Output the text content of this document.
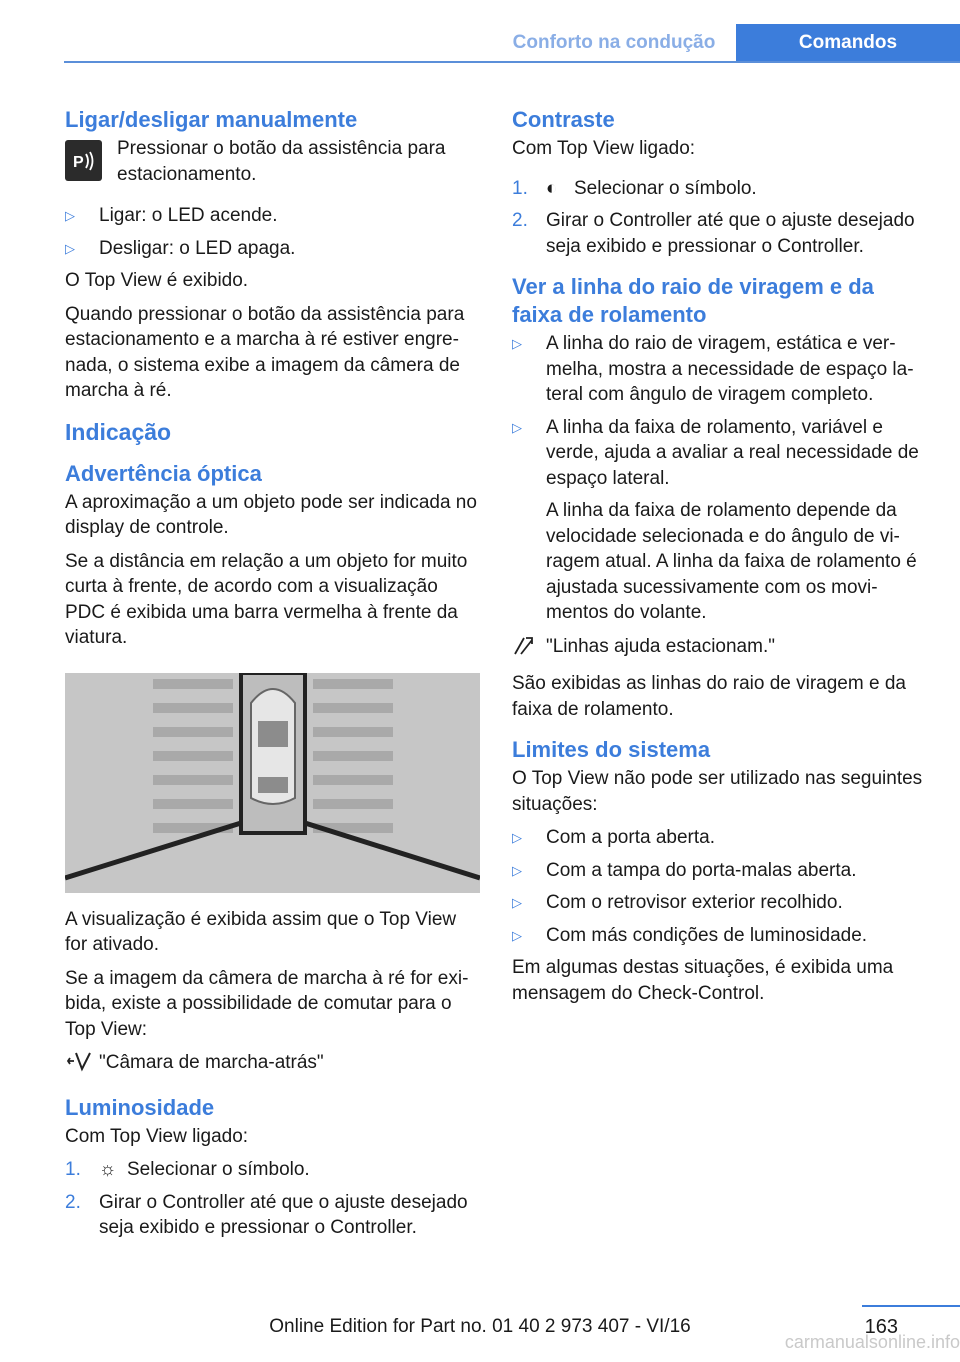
Conforto na condução	Comandos
Ligar/desligar manualmente
P

Pressionar o botão da assistência para estacionamento.

▷	Ligar: o LED acende.
▷	Desligar: o LED apaga.

O Top View é exibido.

Quando pressionar o botão da assistência para estacionamento e a marcha à ré estiver engrenada, o sistema exibe a imagem da câmera de marcha à ré.

Indicação
Advertência óptica

A aproximação a um objeto pode ser indicada no display de controle.

Se a distância em relação a um objeto for muito curta à frente, de acordo com a visualização PDC é exibida uma barra vermelha à frente da viatura.

A visualização é exibida assim que o Top View for ativado.

Se a imagem da câmera de marcha à ré for exibida, existe a possibilidade de comutar para o Top View:

"Câmara de marcha-atrás"
Luminosidade

Com Top View ligado:

1. ☼ Selecionar o símbolo.
2. Girar o Controller até que o ajuste desejado seja exibido e pressionar o Controller.
Contraste

Com Top View ligado:

1. ◐ Selecionar o símbolo.
2. Girar o Controller até que o ajuste desejado seja exibido e pressionar o Controller.
Ver a linha do raio de viragem e da faixa de rolamento
▷	A linha do raio de viragem, estática e vermelha, mostra a necessidade de espaço lateral com ângulo de viragem completo.
▷	A linha da faixa de rolamento, variável e verde, ajuda a avaliar a real necessidade de espaço lateral.

A linha da faixa de rolamento depende da velocidade selecionada e do ângulo de viragem atual. A linha da faixa de rolamento é ajustada sucessivamente com os movimentos do volante.

"Linhas ajuda estacionam."

São exibidas as linhas do raio de viragem e da faixa de rolamento.

Limites do sistema

O Top View não pode ser utilizado nas seguintes situações:

▷	Com a porta aberta.
▷	Com a tampa do porta-malas aberta.
▷	Com o retrovisor exterior recolhido.
▷	Com más condições de luminosidade.

Em algumas destas situações, é exibida uma mensagem do Check-Control.

163
Online Edition for Part no. 01 40 2 973 407 - VI/16
carmanualsonline.info
